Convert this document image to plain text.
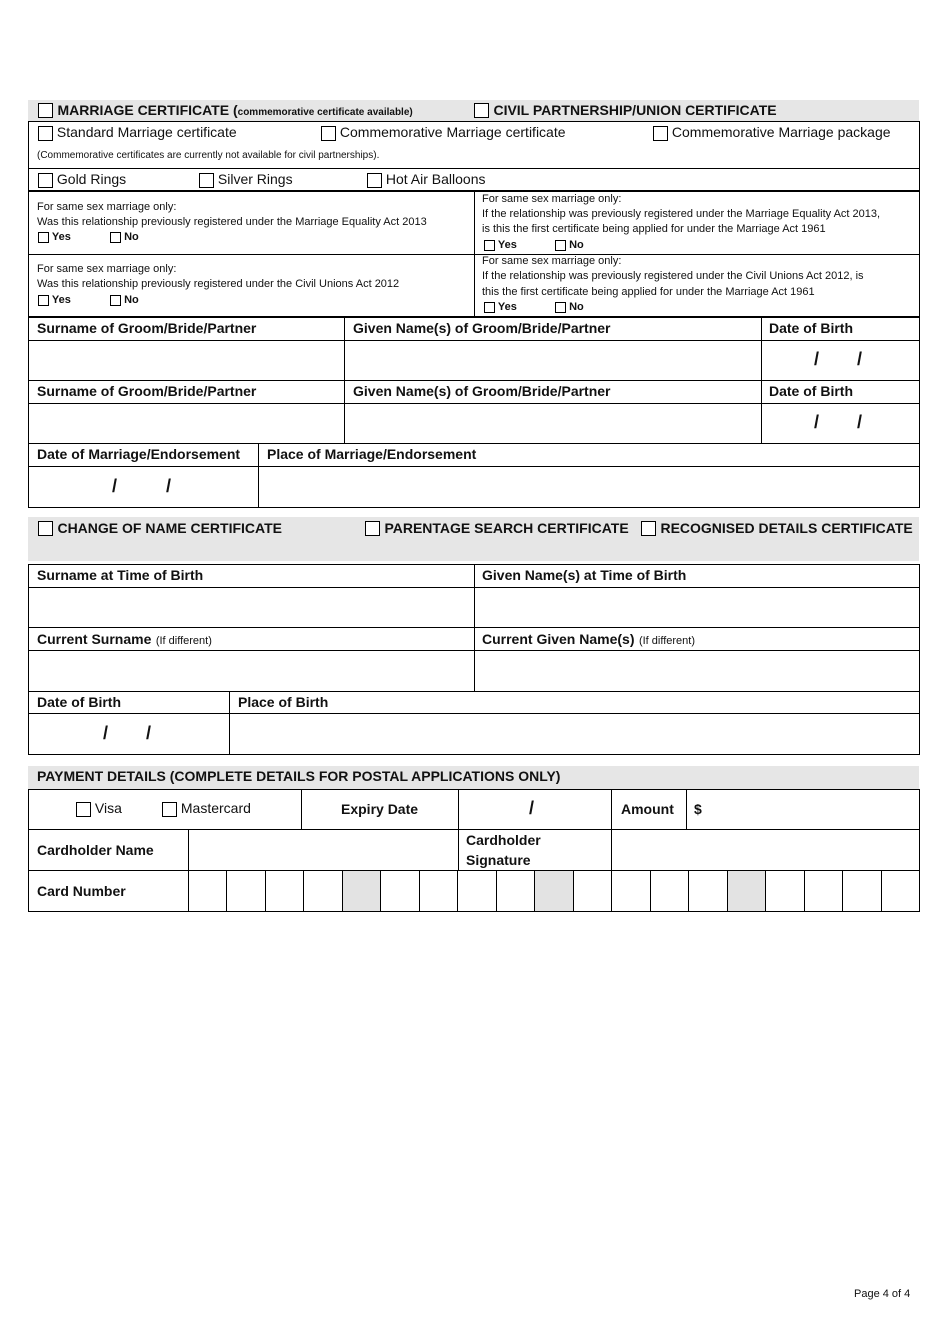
MARRIAGE CERTIFICATE (commemorative certificate available)	CIVIL PARTNERSHIP/UNION CERTIFICATE
Standard Marriage certificate	Commemorative Marriage certificate	Commemorative Marriage package
(Commemorative certificates are currently not available for civil partnerships).
Gold Rings	Silver Rings	Hot Air Balloons
For same sex marriage only:
Was this relationship previously registered under the Marriage Equality Act 2013
Yes	No
For same sex marriage only:
If the relationship was previously registered under the Marriage Equality Act 2013,
is this the first certificate being applied for under the Marriage Act 1961
Yes	No
For same sex marriage only:
Was this relationship previously registered under the Civil Unions Act 2012
Yes	No
For same sex marriage only:
If the relationship was previously registered under the Civil Unions Act 2012, is
this the first certificate being applied for under the Marriage Act 1961
Yes	No
Surname of Groom/Bride/Partner	Given Name(s) of Groom/Bride/Partner	Date of Birth
/ /
Surname of Groom/Bride/Partner	Given Name(s) of Groom/Bride/Partner	Date of Birth
/ /
Date of Marriage/Endorsement Place of Marriage/Endorsement
/	/
CHANGE OF NAME CERTIFICATE	PARENTAGE SEARCH CERTIFICATE	RECOGNISED DETAILS CERTIFICATE
Surname at Time of Birth	Given Name(s) at Time of Birth
Current Surname (If different)	Current Given Name(s) (If different)
Date of Birth	Place of Birth
/ /
PAYMENT DETAILS (COMPLETE DETAILS FOR POSTAL APPLICATIONS ONLY)
Visa	Mastercard	Expiry Date	/	Amount $
Cardholder Name
Cardholder
Signature
Card Number
Page 4 of 4
